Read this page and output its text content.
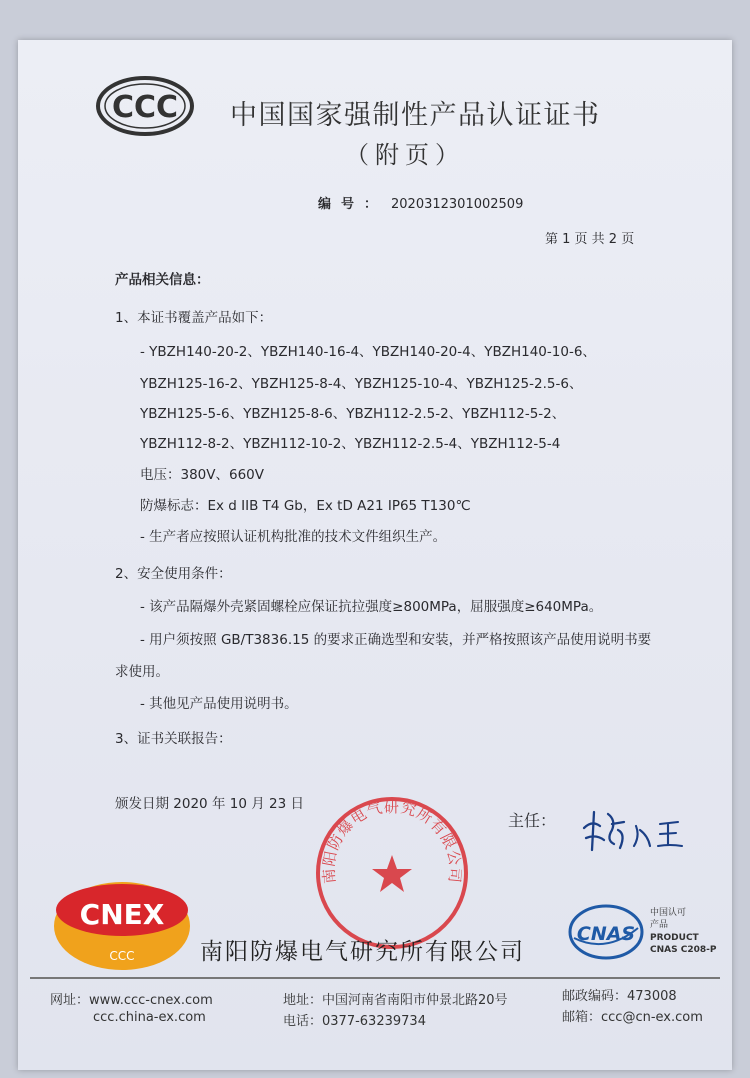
CCC 中国国家强制性产品认证证书
（附页）
编号： 2020312301002509
第 1 页 共 2 页
产品相关信息：
1、本证书覆盖产品如下：
- YBZH140-20-2、YBZH140-16-4、YBZH140-20-4、YBZH140-10-6、
YBZH125-16-2、YBZH125-8-4、YBZH125-10-4、YBZH125-2.5-6、
YBZH125-5-6、YBZH125-8-6、YBZH112-2.5-2、YBZH112-5-2、
YBZH112-8-2、YBZH112-10-2、YBZH112-2.5-4、YBZH112-5-4
电压：380V、660V
防爆标志：Ex d IIB T4 Gb，Ex tD A21 IP65 T130℃
- 生产者应按照认证机构批准的技术文件组织生产。
2、安全使用条件：
- 该产品隔爆外壳紧固螺栓应保证抗拉强度≥800MPa，屈服强度≥640MPa。
- 用户须按照 GB/T3836.15 的要求正确选型和安装，并严格按照该产品使用说明书要
求使用。
- 其他见产品使用说明书。
3、证书关联报告：
颁发日期 2020 年 10 月 23 日
主任：
南阳防爆电气研究所有限公司
CNEX
CCC	南阳防爆电气研究所有限公司
CNAS
中国认可
产品
PRODUCT
CNAS C208-P
网址：www.ccc-cnex.com
ccc.china-ex.com
地址：中国河南省南阳市仲景北路20号
电话：0377-63239734
邮政编码：473008
邮箱：ccc@cn-ex.com
